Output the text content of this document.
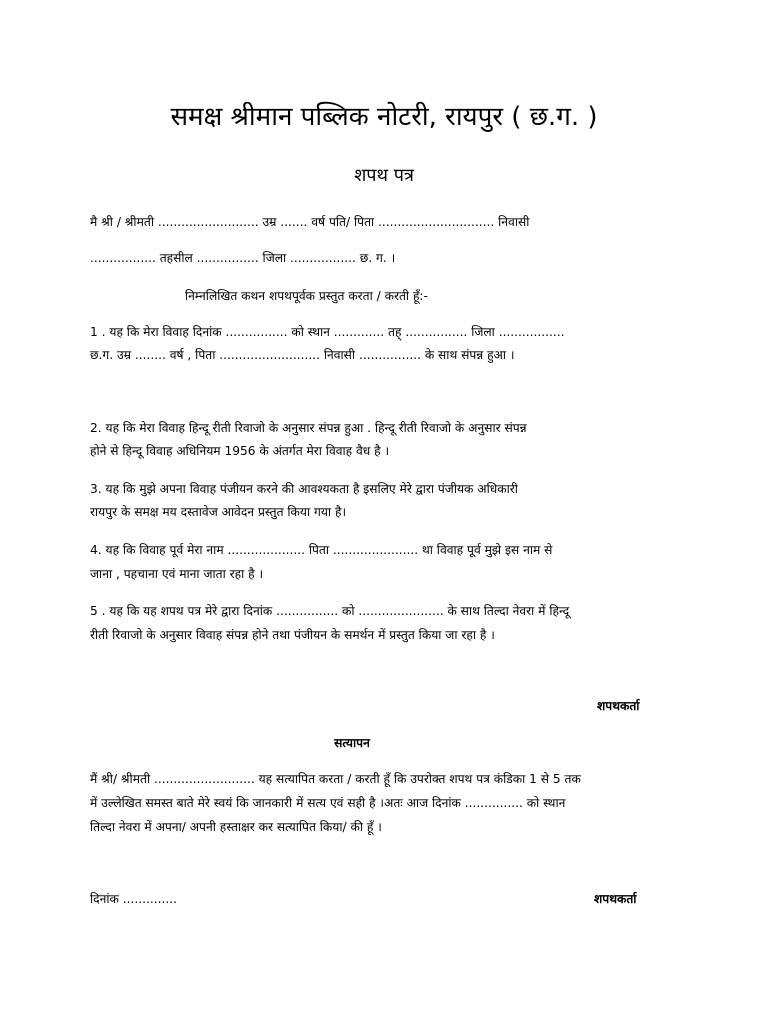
समक्ष श्रीमान पब्लिक नोटरी, रायपुर ( छ.ग. )
शपथ पत्र
मै श्री / श्रीमती .......................... उम्र ....... वर्ष पति/ पिता .............................. निवासी
................. तहसील ................ जिला ................. छ. ग. ।
निम्नलिखित कथन शपथपूर्वक प्रस्तुत करता / करती हूँ:-
1 . यह कि मेरा विवाह दिनांक ................ को स्थान ............. तह्‌ ................ जिला .................
छ.ग. उम्र ........ वर्ष , पिता .......................... निवासी ................ के साथ संपन्न हुआ ।
2. यह कि मेरा विवाह हिन्दू रीती रिवाजो के अनुसार संपन्न हुआ . हिन्दू रीती रिवाजो के अनुसार संपन्न
होने से हिन्दू विवाह अधिनियम 1956 के अंतर्गत मेरा विवाह वैध है ।
3. यह कि मुझे अपना विवाह पंजीयन करने की आवश्यकता है इसलिए मेरे द्वारा पंजीयक अधिकारी
रायपुर के समक्ष मय दस्तावेज आवेदन प्रस्तुत किया गया है।
4. यह कि विवाह पूर्व मेरा नाम .................... पिता ...................... था विवाह पूर्व मुझे इस नाम से
जाना , पहचाना एवं माना जाता रहा है ।
5 . यह कि यह शपथ पत्र मेरे द्वारा दिनांक ................ को ...................... के साथ तिल्दा नेवरा में हिन्दू
रीती रिवाजो के अनुसार विवाह संपन्न होने तथा पंजीयन के समर्थन में प्रस्तुत किया जा रहा है ।
शपथकर्ता
सत्यापन
मैं श्री/ श्रीमती .......................... यह सत्यापित करता / करती हूँ कि उपरोक्त शपथ पत्र कंडिका 1 से 5 तक
में उल्लेखित समस्त बाते मेरे स्वयं कि जानकारी में सत्य एवं सही है ।अतः आज दिनांक ............... को स्थान
तिल्दा नेवरा में अपना/ अपनी हस्ताक्षर कर सत्यापित किया/ की हूँ ।
दिनांक ..............	शपथकर्ता
